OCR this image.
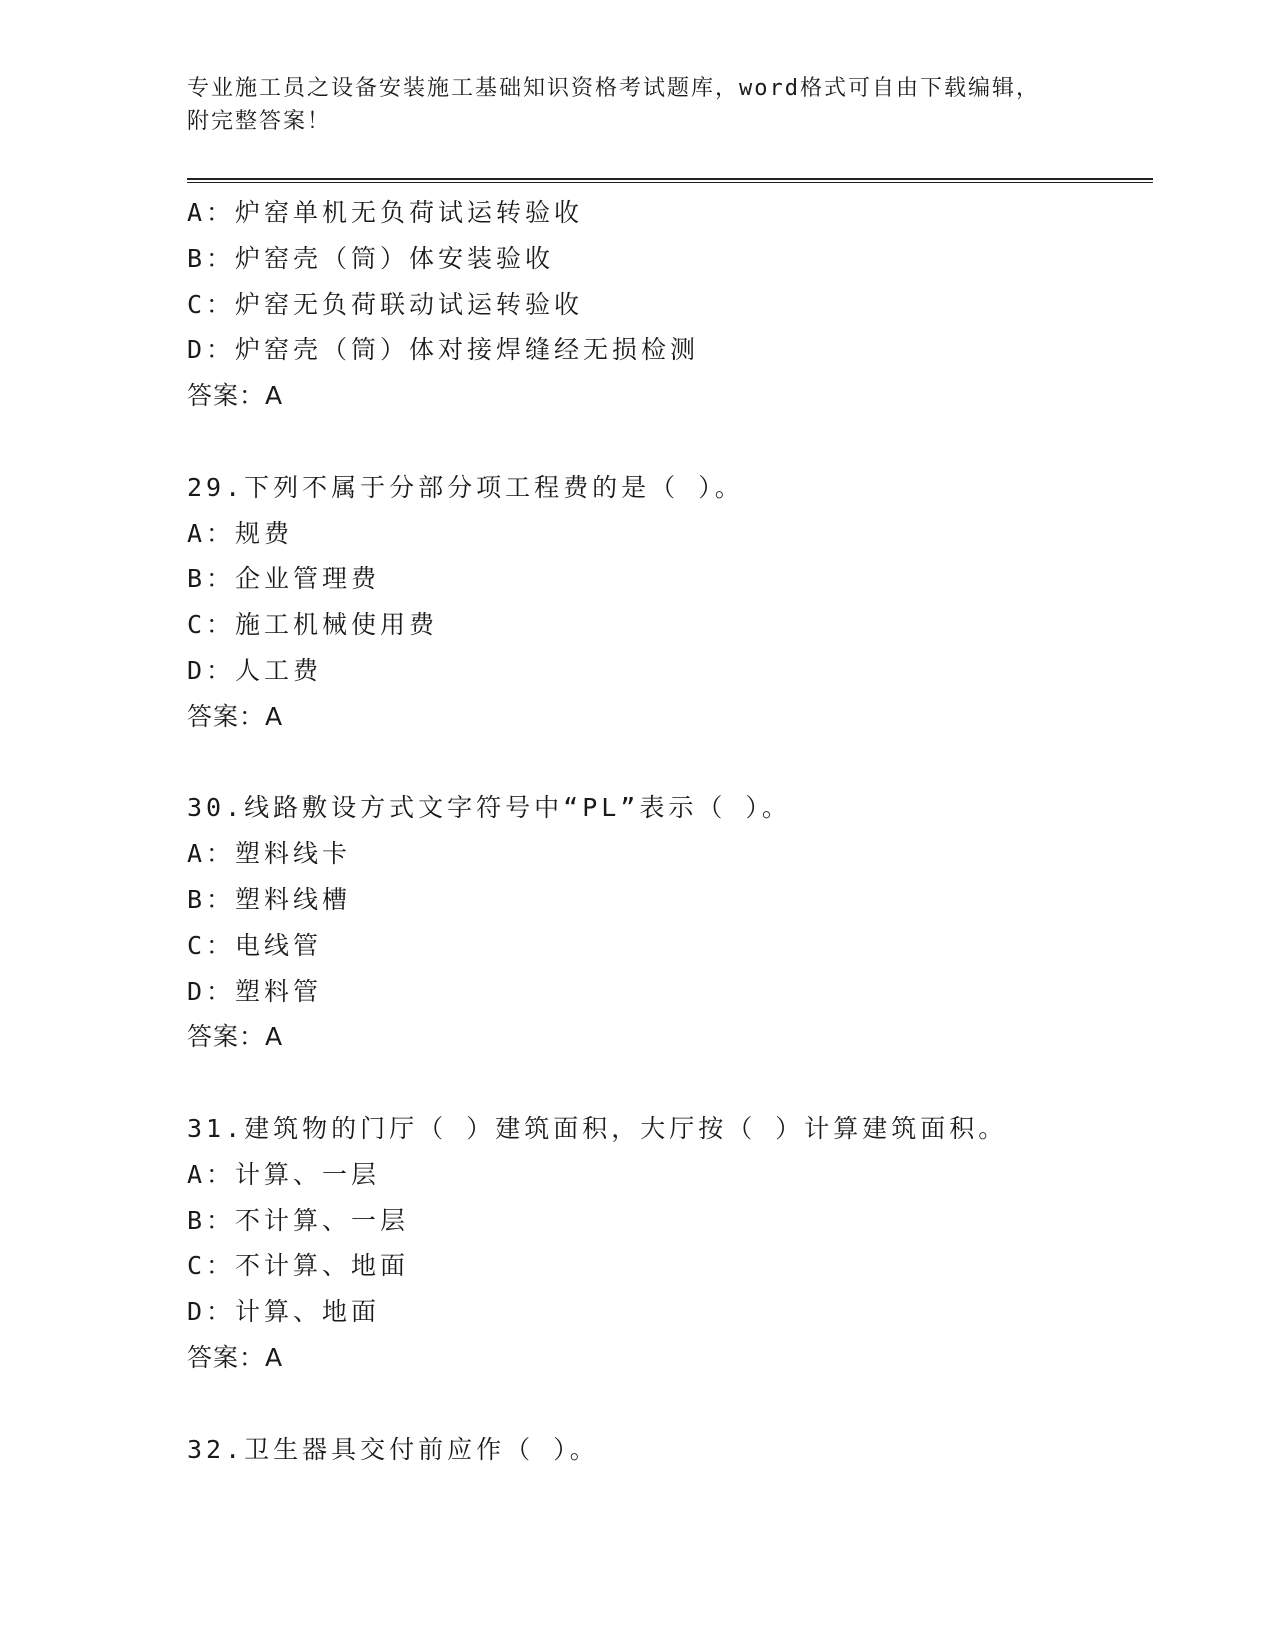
专业施工员之设备安装施工基础知识资格考试题库，word格式可自由下载编辑，
附完整答案！
A：炉窑单机无负荷试运转验收
B：炉窑壳（筒）体安装验收
C：炉窑无负荷联动试运转验收
D：炉窑壳（筒）体对接焊缝经无损检测
答案：A
29.下列不属于分部分项工程费的是（ ）。
A：规费
B：企业管理费
C：施工机械使用费
D：人工费
答案：A
30.线路敷设方式文字符号中“PL”表示（ ）。
A：塑料线卡
B：塑料线槽
C：电线管
D：塑料管
答案：A
31.建筑物的门厅（ ）建筑面积，大厅按（ ）计算建筑面积。
A：计算、一层
B：不计算、一层
C：不计算、地面
D：计算、地面
答案：A
32.卫生器具交付前应作（ ）。
